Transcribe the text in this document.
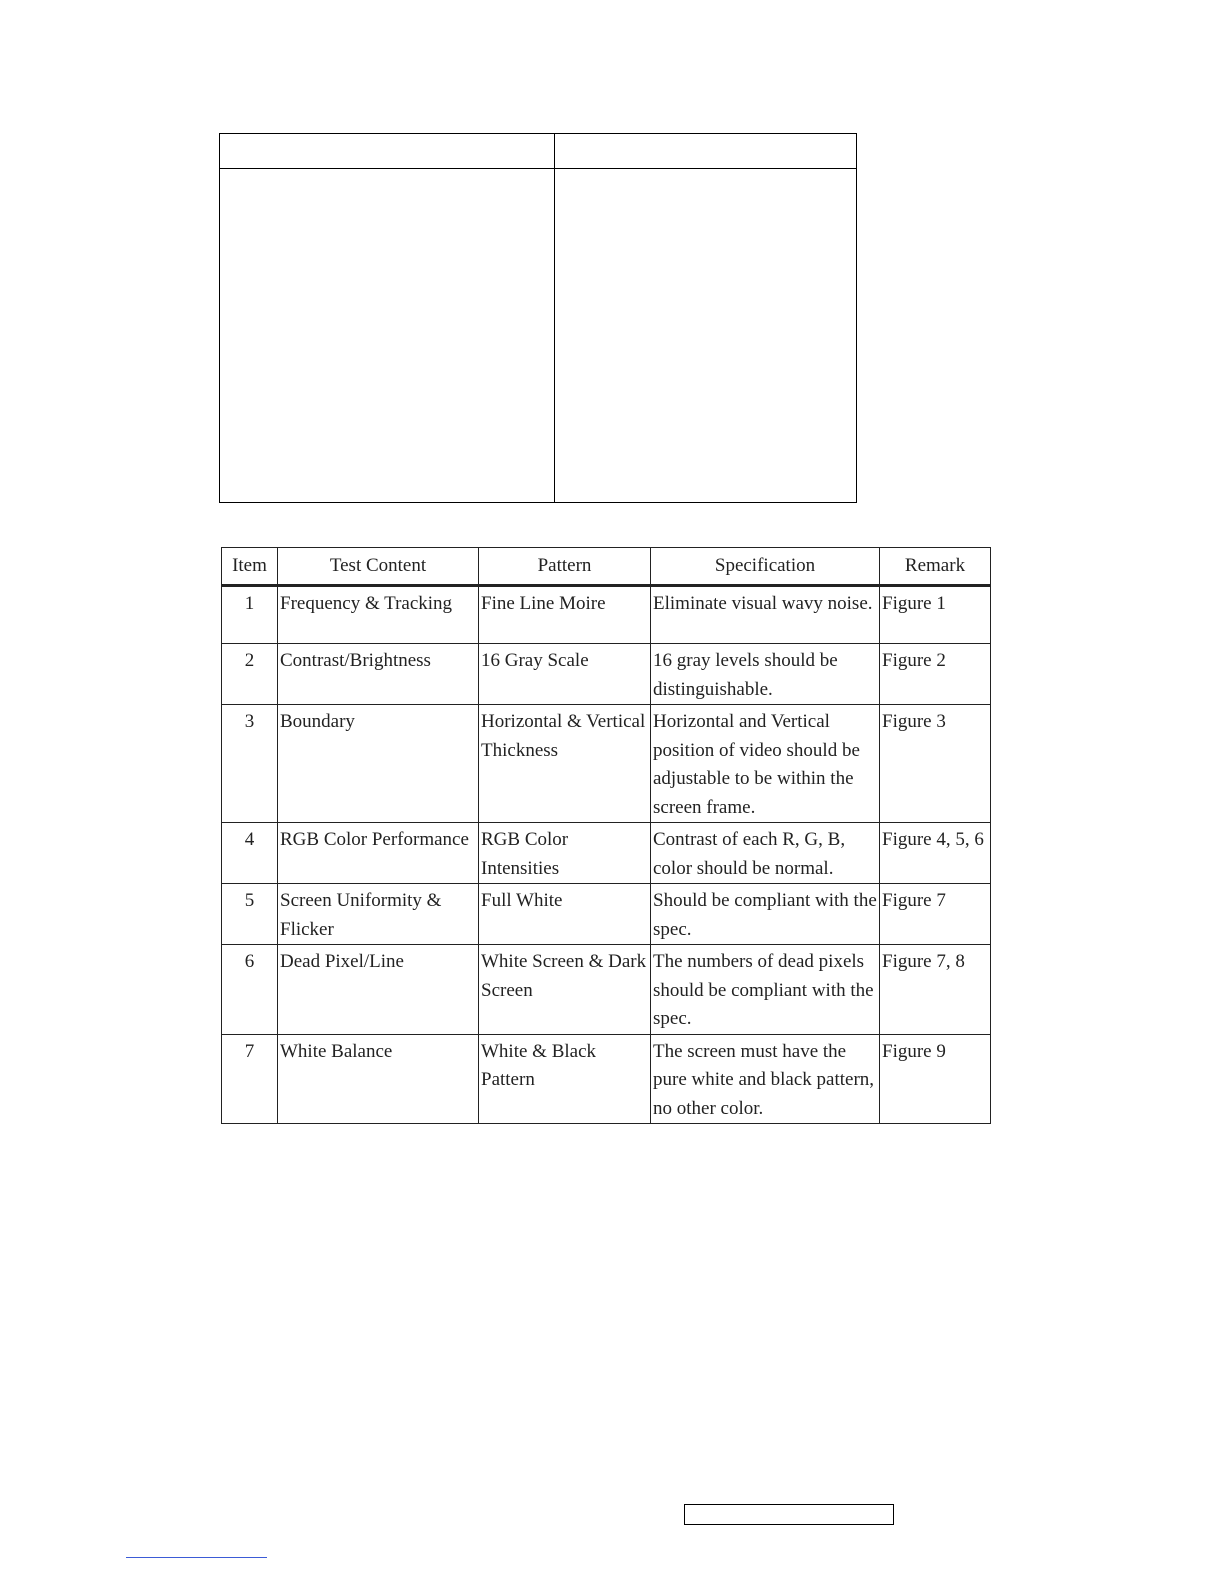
Item	Test Content	Pattern	Specification	Remark
1	Frequency & Tracking	Fine Line Moire	Eliminate visual wavy noise.	Figure 1
2	Contrast/Brightness	16 Gray Scale	16 gray levels should be distinguishable.	Figure 2
3	Boundary	Horizontal & Vertical Thickness	Horizontal and Vertical position of video should be adjustable to be within the screen frame.	Figure 3
4	RGB Color Performance	RGB Color Intensities	Contrast of each R, G, B, color should be normal.	Figure 4, 5, 6
5	Screen Uniformity & Flicker	Full White	Should be compliant with the spec.	Figure 7
6	Dead Pixel/Line	White Screen & Dark Screen	The numbers of dead pixels should be compliant with the spec.	Figure 7, 8
7	White Balance	White & Black Pattern	The screen must have the pure white and black pattern, no other color.	Figure 9
